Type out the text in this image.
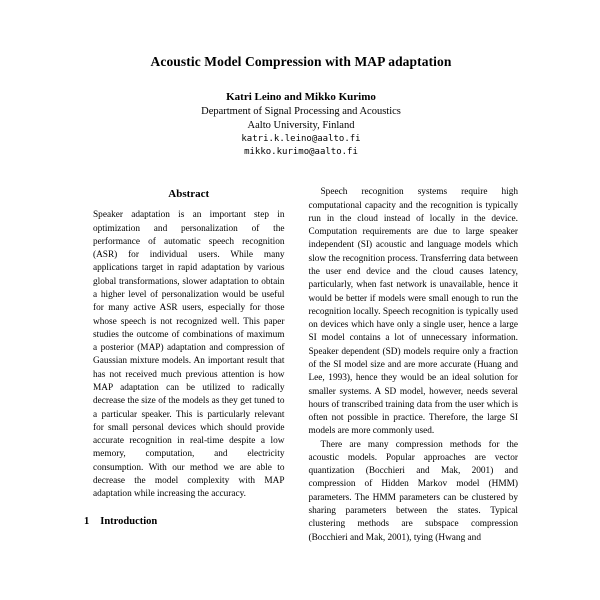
Acoustic Model Compression with MAP adaptation
Katri Leino and Mikko Kurimo
Department of Signal Processing and Acoustics
Aalto University, Finland
katri.k.leino@aalto.fi
mikko.kurimo@aalto.fi
Abstract

Speaker adaptation is an important step in optimization and personalization of the performance of automatic speech recognition (ASR) for individual users. While many applications target in rapid adaptation by various global transformations, slower adaptation to obtain a higher level of personalization would be useful for many active ASR users, especially for those whose speech is not recognized well. This paper studies the outcome of combinations of maximum a posterior (MAP) adaptation and compression of Gaussian mixture models. An important result that has not received much previous attention is how MAP adaptation can be utilized to radically decrease the size of the models as they get tuned to a particular speaker. This is particularly relevant for small personal devices which should provide accurate recognition in real-time despite a low memory, computation, and electricity consumption. With our method we are able to decrease the model complexity with MAP adaptation while increasing the accuracy.

1 Introduction

Speech recognition systems require high computational capacity and the recognition is typically run in the cloud instead of locally in the device. Computation requirements are due to large speaker independent (SI) acoustic and language models which slow the recognition process. Transferring data between the user end device and the cloud causes latency, particularly, when fast network is unavailable, hence it would be better if models were small enough to run the recognition locally. Speech recognition is typically used on devices which have only a single user, hence a large SI model contains a lot of unnecessary information. Speaker dependent (SD) models require only a fraction of the SI model size and are more accurate (Huang and Lee, 1993), hence they would be an ideal solution for smaller systems. A SD model, however, needs several hours of transcribed training data from the user which is often not possible in practice. Therefore, the large SI models are more commonly used.

There are many compression methods for the acoustic models. Popular approaches are vector quantization (Bocchieri and Mak, 2001) and compression of Hidden Markov model (HMM) parameters. The HMM parameters can be clustered by sharing parameters between the states. Typical clustering methods are subspace compression (Bocchieri and Mak, 2001), tying (Hwang and
